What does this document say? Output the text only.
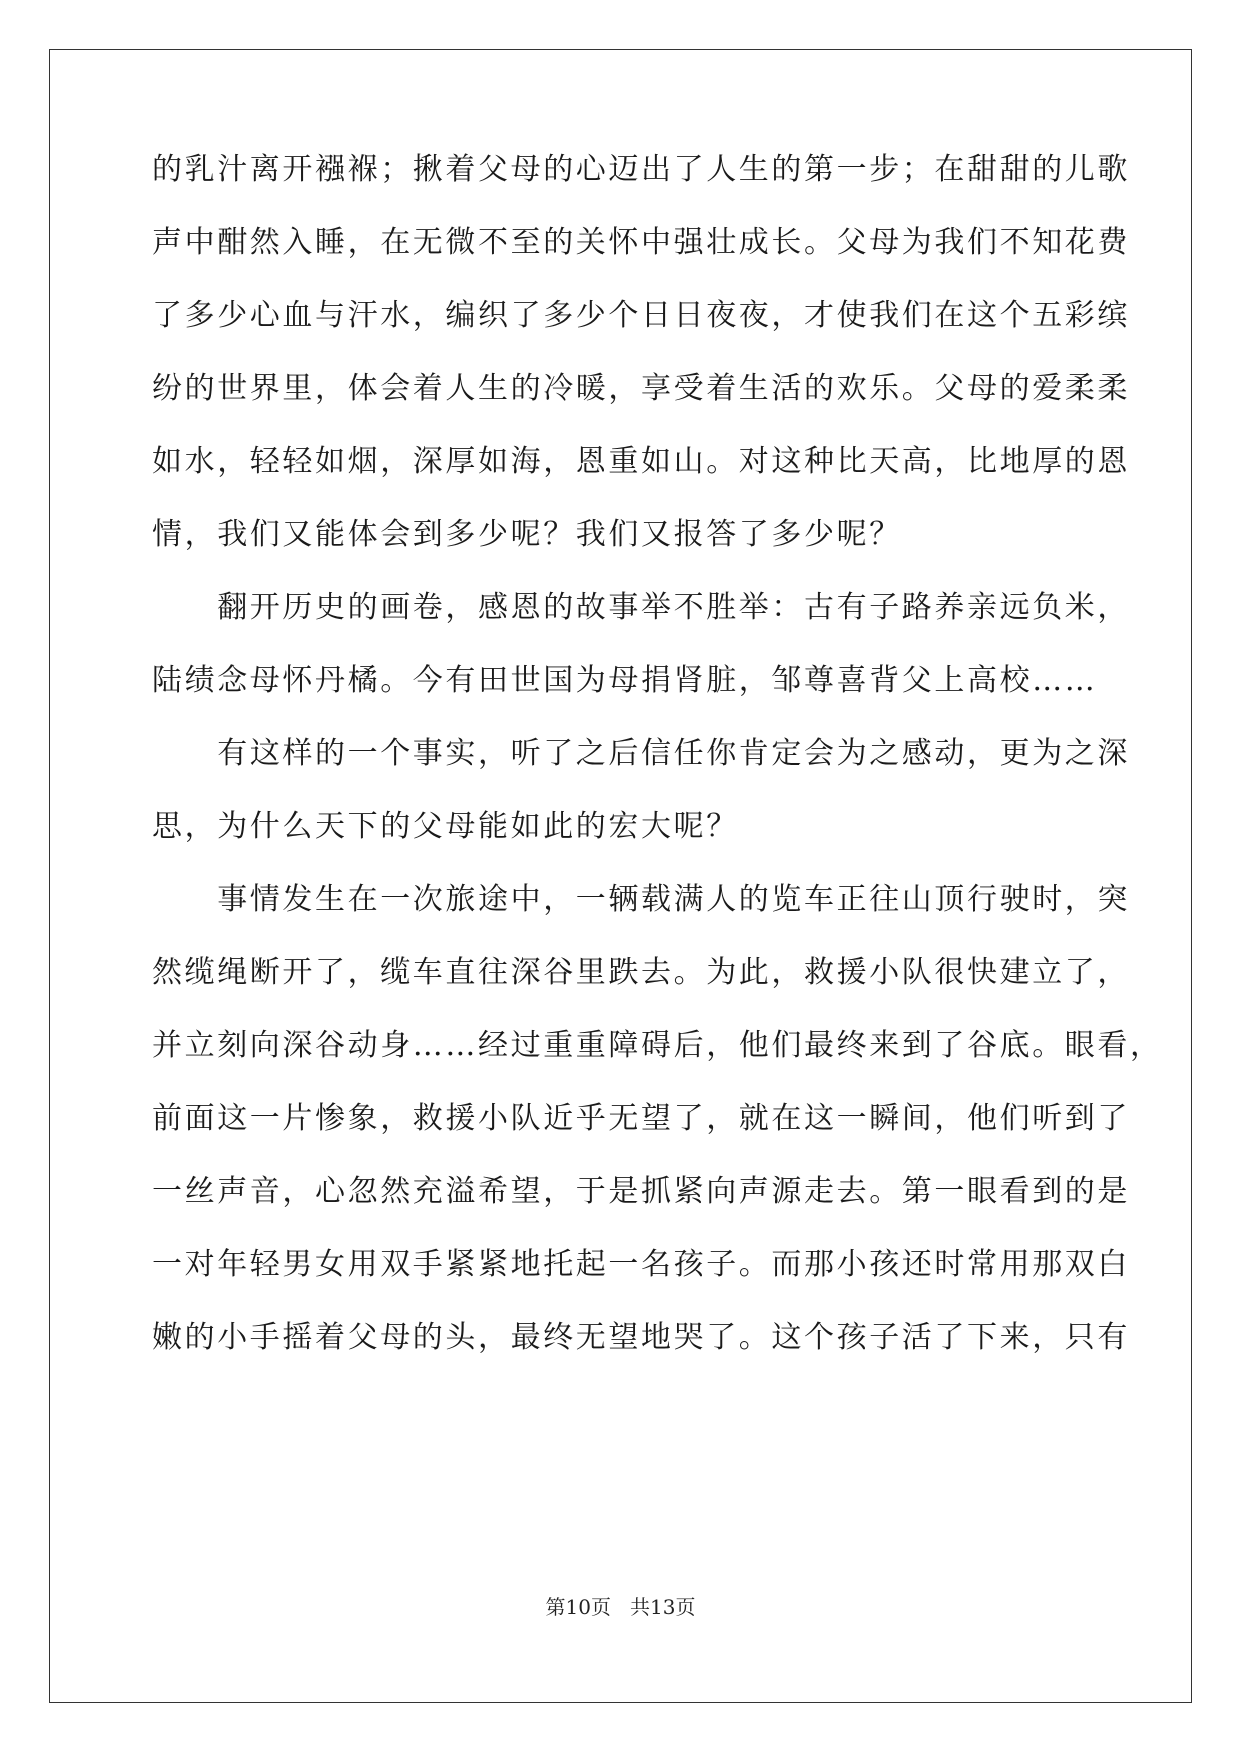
的乳汁离开襁褓；揪着父母的心迈出了人生的第一步；在甜甜的儿歌
声中酣然入睡，在无微不至的关怀中强壮成长。父母为我们不知花费
了多少心血与汗水，编织了多少个日日夜夜，才使我们在这个五彩缤
纷的世界里，体会着人生的冷暖，享受着生活的欢乐。父母的爱柔柔
如水，轻轻如烟，深厚如海，恩重如山。对这种比天高，比地厚的恩
情，我们又能体会到多少呢？我们又报答了多少呢？
　　翻开历史的画卷，感恩的故事举不胜举：古有子路养亲远负米，
陆绩念母怀丹橘。今有田世国为母捐肾脏，邹尊喜背父上高校……
　　有这样的一个事实，听了之后信任你肯定会为之感动，更为之深
思，为什么天下的父母能如此的宏大呢？
　　事情发生在一次旅途中，一辆载满人的览车正往山顶行驶时，突
然缆绳断开了，缆车直往深谷里跌去。为此，救援小队很快建立了，
并立刻向深谷动身……经过重重障碍后，他们最终来到了谷底。眼看，
前面这一片惨象，救援小队近乎无望了，就在这一瞬间，他们听到了
一丝声音，心忽然充溢希望，于是抓紧向声源走去。第一眼看到的是
一对年轻男女用双手紧紧地托起一名孩子。而那小孩还时常用那双白
嫩的小手摇着父母的头，最终无望地哭了。这个孩子活了下来，只有
第10页 共13页
